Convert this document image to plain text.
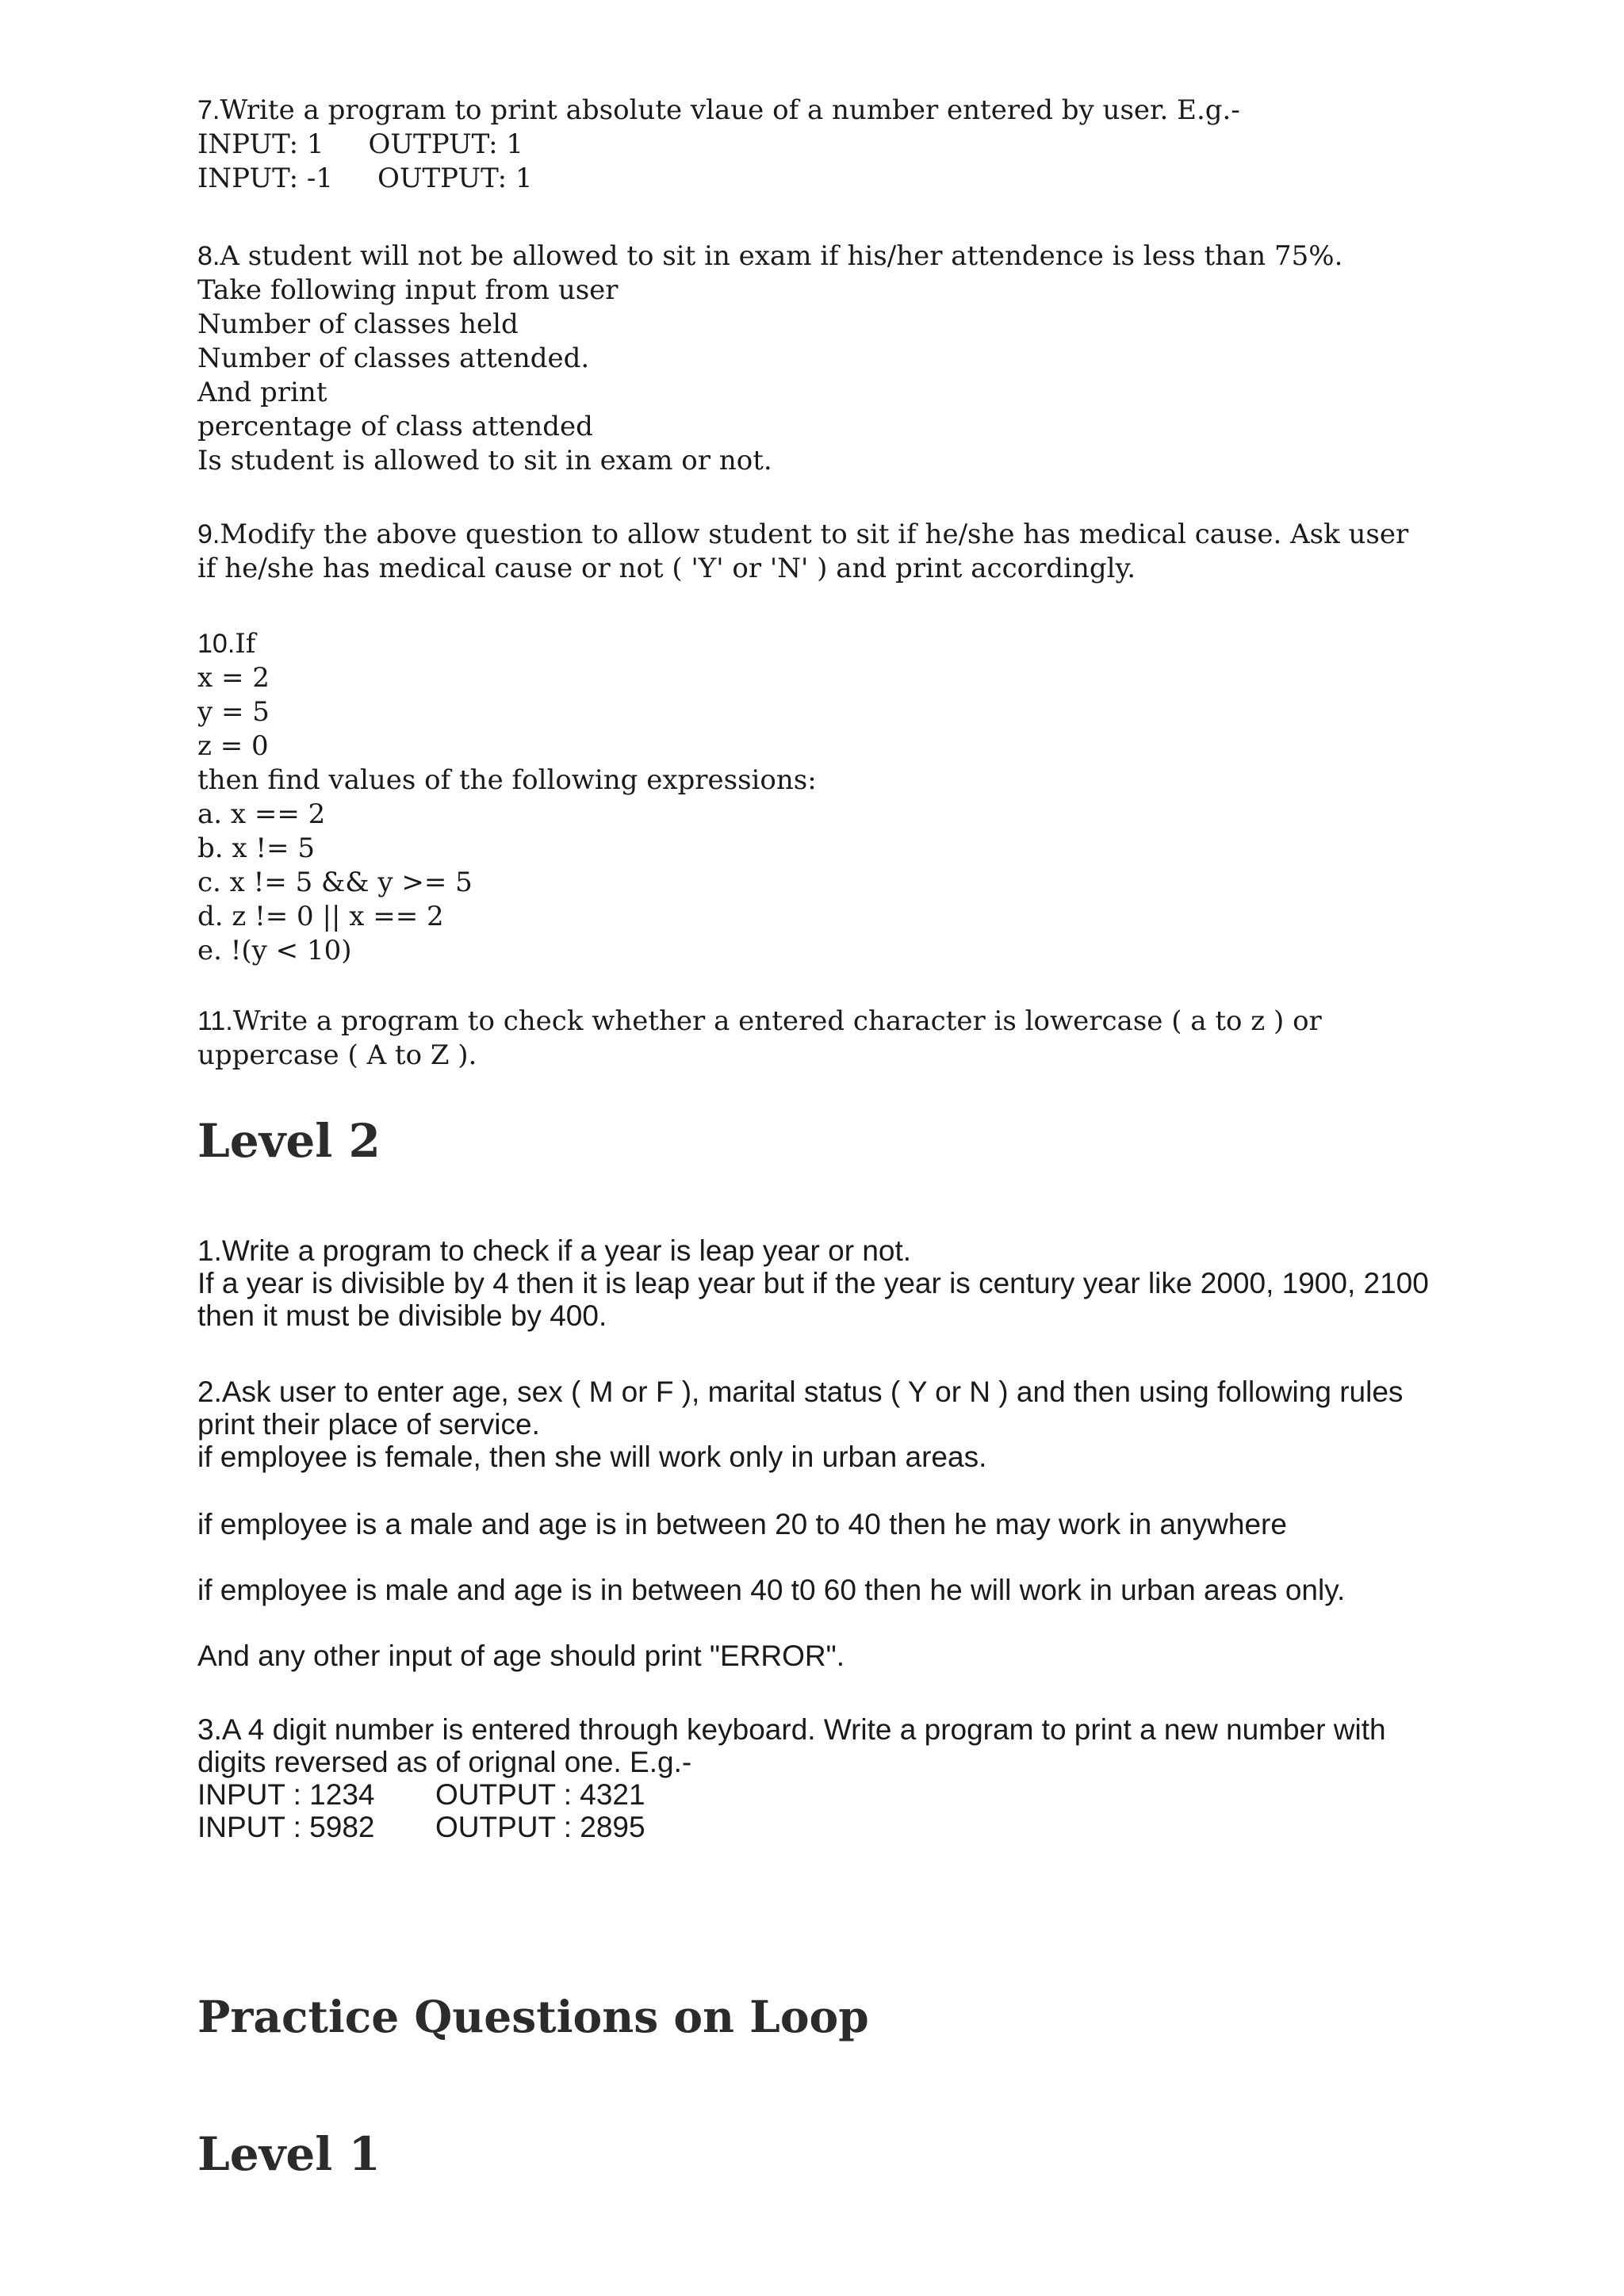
7.Write a program to print absolute vlaue of a number entered by user. E.g.-
INPUT: 1 OUTPUT: 1
INPUT: -1 OUTPUT: 1
8.A student will not be allowed to sit in exam if his/her attendence is less than 75%.
Take following input from user
Number of classes held
Number of classes attended.
And print
percentage of class attended
Is student is allowed to sit in exam or not.
9.Modify the above question to allow student to sit if he/she has medical cause. Ask user if he/she has medical cause or not ( 'Y' or 'N' ) and print accordingly.
10.If
x = 2
y = 5
z = 0
then find values of the following expressions:
a. x == 2
b. x != 5
c. x != 5 && y >= 5
d. z != 0 || x == 2
e. !(y < 10)
11.Write a program to check whether a entered character is lowercase ( a to z ) or uppercase ( A to Z ).
Level 2
1.Write a program to check if a year is leap year or not.
If a year is divisible by 4 then it is leap year but if the year is century year like 2000, 1900, 2100
then it must be divisible by 400.
2.Ask user to enter age, sex ( M or F ), marital status ( Y or N ) and then using following rules
print their place of service.
if employee is female, then she will work only in urban areas.
if employee is a male and age is in between 20 to 40 then he may work in anywhere
if employee is male and age is in between 40 t0 60 then he will work in urban areas only.
And any other input of age should print "ERROR".
3.A 4 digit number is entered through keyboard. Write a program to print a new number with
digits reversed as of orignal one. E.g.-
INPUT : 1234 OUTPUT : 4321
INPUT : 5982 OUTPUT : 2895
Practice Questions on Loop
Level 1
